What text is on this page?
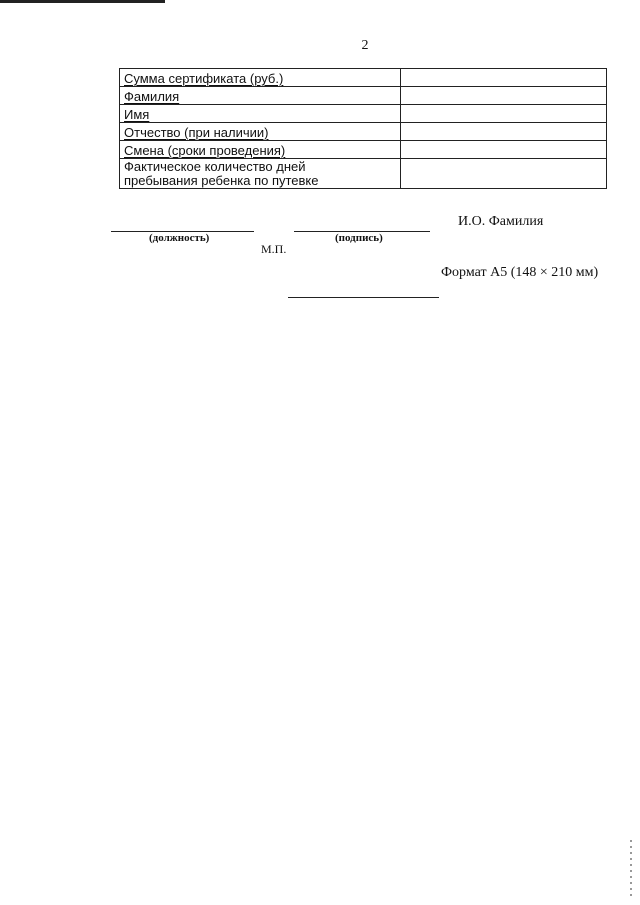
2
Сумма сертификата (руб.)	
Фамилия	
Имя	
Отчество (при наличии)	
Смена (сроки проведения)	

Фактическое количество дней
пребывания ребенка по путевке	

(должность)	(подпись)
И.О. Фамилия
М.П.
Формат А5 (148 × 210 мм)
